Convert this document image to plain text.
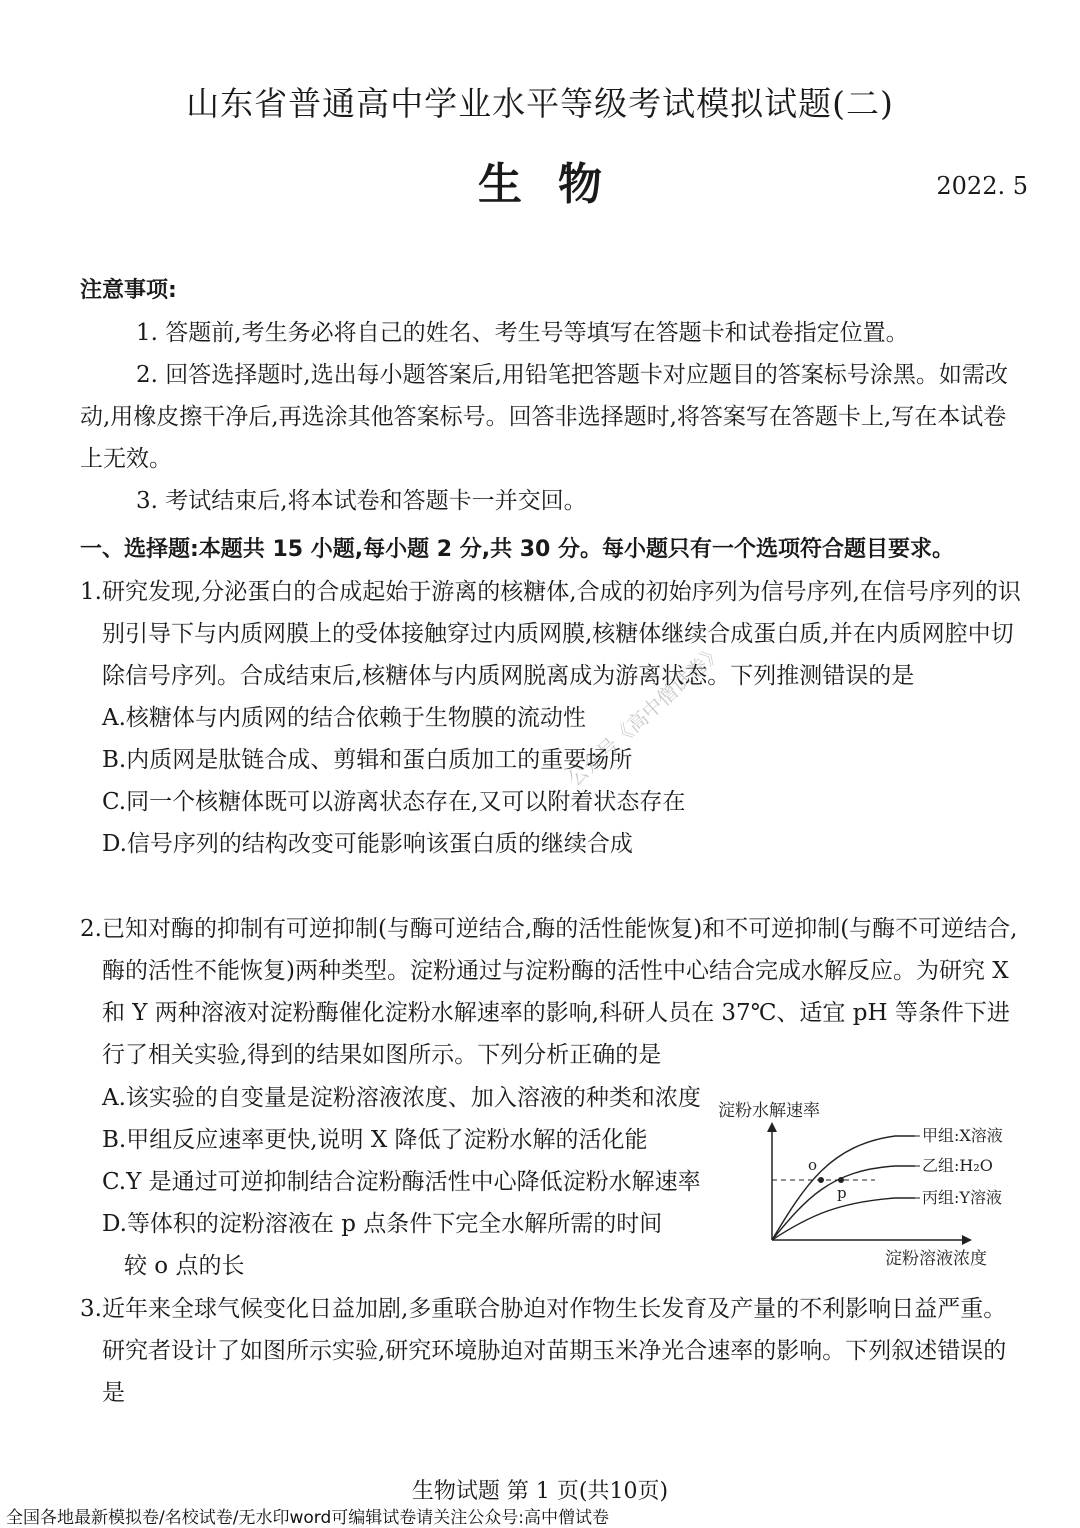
公众号《高中僧试卷》
山东省普通高中学业水平等级考试模拟试题(二)
生物	2022. 5
注意事项:
1. 答题前,考生务必将自己的姓名、考生号等填写在答题卡和试卷指定位置。
2. 回答选择题时,选出每小题答案后,用铅笔把答题卡对应题目的答案标号涂黑。如需改动,用橡皮擦干净后,再选涂其他答案标号。回答非选择题时,将答案写在答题卡上,写在本试卷上无效。
3. 考试结束后,将本试卷和答题卡一并交回。
一、选择题:本题共 15 小题,每小题 2 分,共 30 分。每小题只有一个选项符合题目要求。
1.研究发现,分泌蛋白的合成起始于游离的核糖体,合成的初始序列为信号序列,在信号序列的识别引导下与内质网膜上的受体接触穿过内质网膜,核糖体继续合成蛋白质,并在内质网腔中切除信号序列。合成结束后,核糖体与内质网脱离成为游离状态。下列推测错误的是
A.核糖体与内质网的结合依赖于生物膜的流动性
B.内质网是肽链合成、剪辑和蛋白质加工的重要场所
C.同一个核糖体既可以游离状态存在,又可以附着状态存在
D.信号序列的结构改变可能影响该蛋白质的继续合成
2.已知对酶的抑制有可逆抑制(与酶可逆结合,酶的活性能恢复)和不可逆抑制(与酶不可逆结合,酶的活性不能恢复)两种类型。淀粉通过与淀粉酶的活性中心结合完成水解反应。为研究 X 和 Y 两种溶液对淀粉酶催化淀粉水解速率的影响,科研人员在 37℃、适宜 pH 等条件下进行了相关实验,得到的结果如图所示。下列分析正确的是
A.该实验的自变量是淀粉溶液浓度、加入溶液的种类和浓度
B.甲组反应速率更快,说明 X 降低了淀粉水解的活化能
C.Y 是通过可逆抑制结合淀粉酶活性中心降低淀粉水解速率
D.等体积的淀粉溶液在 p 点条件下完全水解所需的时间
较 o 点的长
淀粉水解速率
o
p
甲组:X溶液
乙组:H₂O
丙组:Y溶液
淀粉溶液浓度
3.近年来全球气候变化日益加剧,多重联合胁迫对作物生长发育及产量的不利影响日益严重。研究者设计了如图所示实验,研究环境胁迫对苗期玉米净光合速率的影响。下列叙述错误的是
生物试题 第 1 页(共10页)
全国各地最新模拟卷/名校试卷/无水印word可编辑试卷请关注公众号:高中僧试卷
